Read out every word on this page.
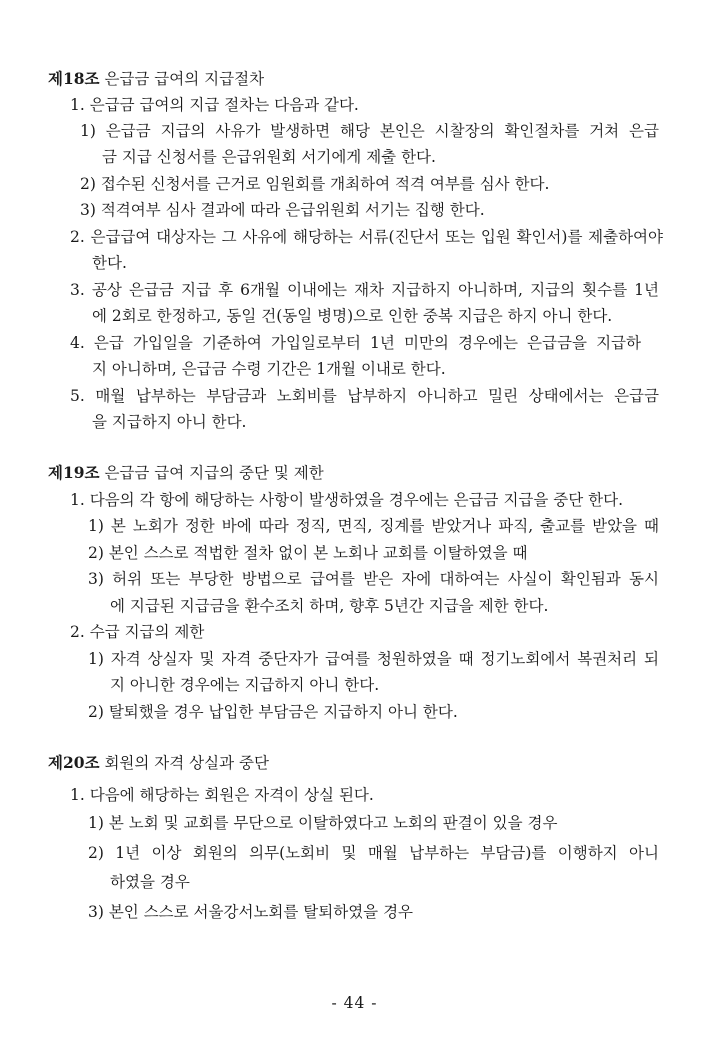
제18조 은급금 급여의 지급절차
1. 은급금 급여의 지급 절차는 다음과 같다.
1) 은급금 지급의 사유가 발생하면 해당 본인은 시찰장의 확인절차를 거쳐 은급
금 지급 신청서를 은급위원회 서기에게 제출 한다.
2) 접수된 신청서를 근거로 임원회를 개최하여 적격 여부를 심사 한다.
3) 적격여부 심사 결과에 따라 은급위원회 서기는 집행 한다.
2. 은급급여 대상자는 그 사유에 해당하는 서류(진단서 또는 입원 확인서)를 제출하여야
한다.
3. 공상 은급금 지급 후 6개월 이내에는 재차 지급하지 아니하며, 지급의 횟수를 1년
에 2회로 한정하고, 동일 건(동일 병명)으로 인한 중복 지급은 하지 아니 한다.
4. 은급 가입일을 기준하여 가입일로부터 1년 미만의 경우에는 은급금을 지급하
지 아니하며, 은급금 수령 기간은 1개월 이내로 한다.
5. 매월 납부하는 부담금과 노회비를 납부하지 아니하고 밀린 상태에서는 은급금
을 지급하지 아니 한다.
제19조 은급금 급여 지급의 중단 및 제한
1. 다음의 각 항에 해당하는 사항이 발생하였을 경우에는 은급금 지급을 중단 한다.
1) 본 노회가 정한 바에 따라 정직, 면직, 징계를 받았거나 파직, 출교를 받았을 때
2) 본인 스스로 적법한 절차 없이 본 노회나 교회를 이탈하였을 때
3) 허위 또는 부당한 방법으로 급여를 받은 자에 대하여는 사실이 확인됨과 동시
에 지급된 지급금을 환수조치 하며, 향후 5년간 지급을 제한 한다.
2. 수급 지급의 제한
1) 자격 상실자 및 자격 중단자가 급여를 청원하였을 때 정기노회에서 복권처리 되
지 아니한 경우에는 지급하지 아니 한다.
2) 탈퇴했을 경우 납입한 부담금은 지급하지 아니 한다.
제20조 회원의 자격 상실과 중단
1. 다음에 해당하는 회원은 자격이 상실 된다.
1) 본 노회 및 교회를 무단으로 이탈하였다고 노회의 판결이 있을 경우
2) 1년 이상 회원의 의무(노회비 및 매월 납부하는 부담금)를 이행하지 아니
하였을 경우
3) 본인 스스로 서울강서노회를 탈퇴하였을 경우
- 44 -
